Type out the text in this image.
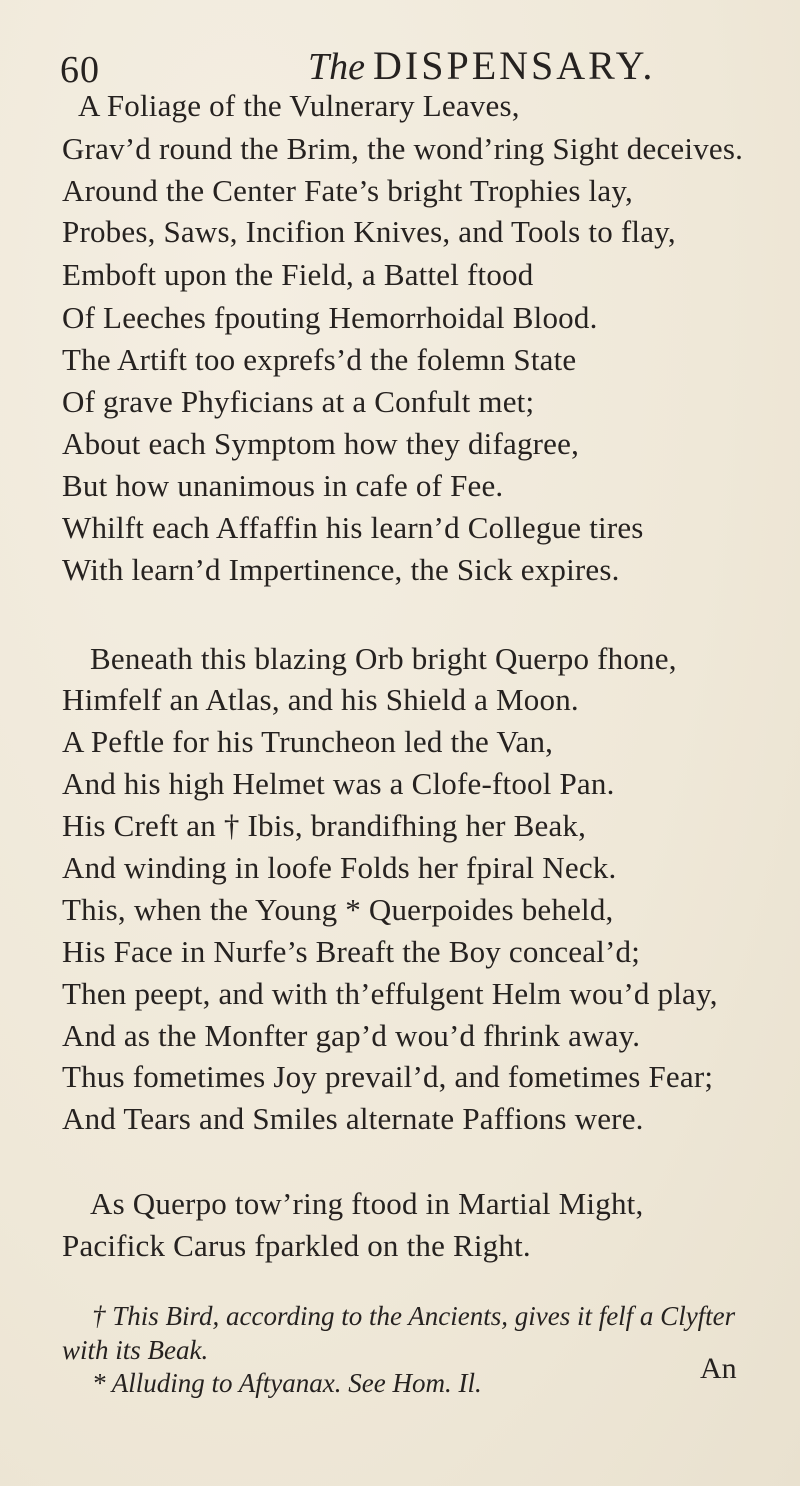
60	The DISPENSARY.
A Foliage of the Vulnerary Leaves,
Grav’d round the Brim, the wond’ring Sight deceives.
Around the Center Fate’s bright Trophies lay,
Probes, Saws, Incifion Knives, and Tools to flay,
Emboft upon the Field, a Battel ftood
Of Leeches fpouting Hemorrhoidal Blood.
The Artift too exprefs’d the folemn State
Of grave Phyficians at a Confult met;
About each Symptom how they difagree,
But how unanimous in cafe of Fee.
Whilft each Affaffin his learn’d Collegue tires
With learn’d Impertinence, the Sick expires.
Beneath this blazing Orb bright Querpo fhone,
Himfelf an Atlas, and his Shield a Moon.
A Peftle for his Truncheon led the Van,
And his high Helmet was a Clofe-ftool Pan.
His Creft an † Ibis, brandifhing her Beak,
And winding in loofe Folds her fpiral Neck.
This, when the Young * Querpoides beheld,
His Face in Nurfe’s Breaft the Boy conceal’d;
Then peept, and with th’effulgent Helm wou’d play,
And as the Monfter gap’d wou’d fhrink away.
Thus fometimes Joy prevail’d, and fometimes Fear;
And Tears and Smiles alternate Paffions were.
As Querpo tow’ring ftood in Martial Might,
Pacifick Carus fparkled on the Right.
† This Bird, according to the Ancients, gives it felf a Clyfter
with its Beak.
* Alluding to Aftyanax. See Hom. Il.	An
